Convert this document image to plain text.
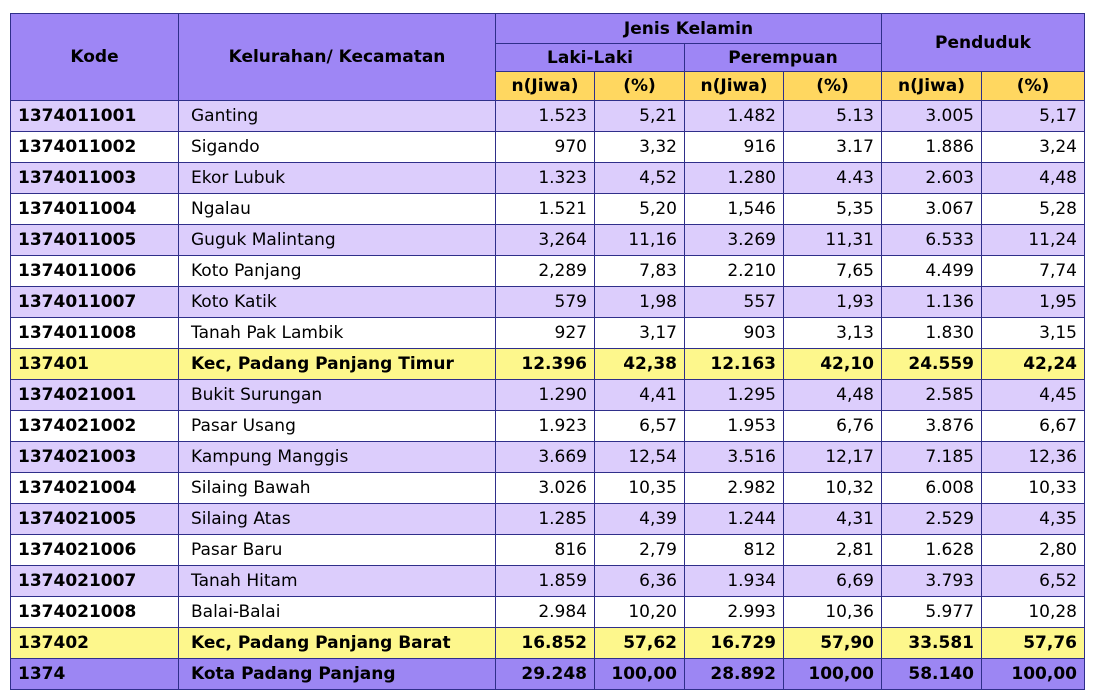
Kode	Kelurahan/ Kecamatan	Jenis Kelamin				Penduduk	
		Laki-Laki		Perempuan			
		n(Jiwa)	(%)	n(Jiwa)	(%)	n(Jiwa)	(%)
1374011001	Ganting	1.523	5,21	1.482	5.13	3.005	5,17
1374011002	Sigando	970	3,32	916	3.17	1.886	3,24
1374011003	Ekor Lubuk	1.323	4,52	1.280	4.43	2.603	4,48
1374011004	Ngalau	1.521	5,20	1,546	5,35	3.067	5,28
1374011005	Guguk Malintang	3,264	11,16	3.269	11,31	6.533	11,24
1374011006	Koto Panjang	2,289	7,83	2.210	7,65	4.499	7,74
1374011007	Koto Katik	579	1,98	557	1,93	1.136	1,95
1374011008	Tanah Pak Lambik	927	3,17	903	3,13	1.830	3,15
137401	Kec, Padang Panjang Timur	12.396	42,38	12.163	42,10	24.559	42,24
1374021001	Bukit Surungan	1.290	4,41	1.295	4,48	2.585	4,45
1374021002	Pasar Usang	1.923	6,57	1.953	6,76	3.876	6,67
1374021003	Kampung Manggis	3.669	12,54	3.516	12,17	7.185	12,36
1374021004	Silaing Bawah	3.026	10,35	2.982	10,32	6.008	10,33
1374021005	Silaing Atas	1.285	4,39	1.244	4,31	2.529	4,35
1374021006	Pasar Baru	816	2,79	812	2,81	1.628	2,80
1374021007	Tanah Hitam	1.859	6,36	1.934	6,69	3.793	6,52
1374021008	Balai-Balai	2.984	10,20	2.993	10,36	5.977	10,28
137402	Kec, Padang Panjang Barat	16.852	57,62	16.729	57,90	33.581	57,76
1374	Kota Padang Panjang	29.248	100,00	28.892	100,00	58.140	100,00
